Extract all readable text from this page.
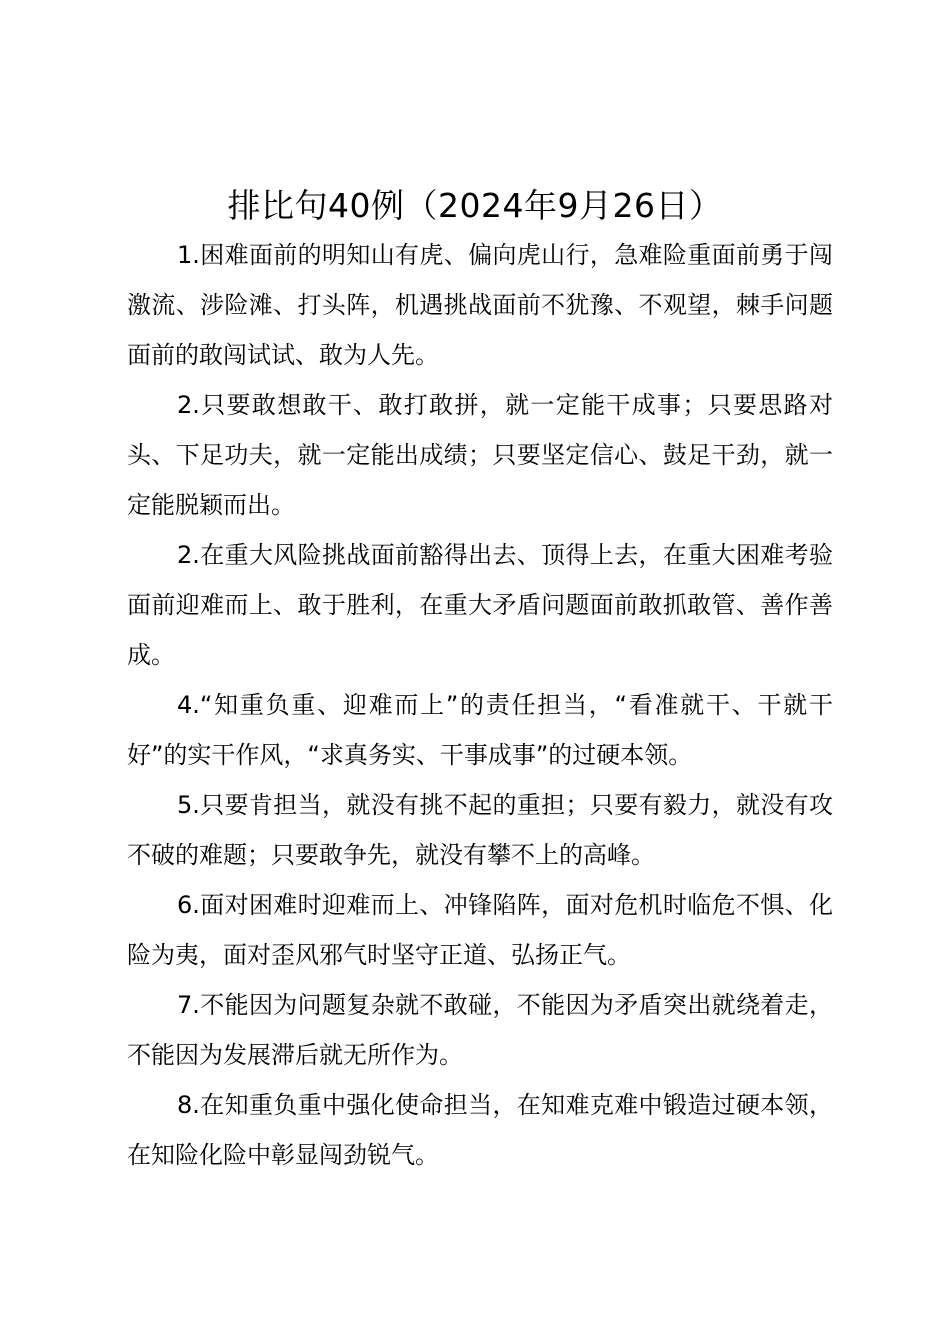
排比句40例（2024年9月26日）

1.困难面前的明知山有虎、偏向虎山行，急难险重面前勇于闯激流、涉险滩、打头阵，机遇挑战面前不犹豫、不观望，棘手问题面前的敢闯试试、敢为人先。

2.只要敢想敢干、敢打敢拼，就一定能干成事；只要思路对头、下足功夫，就一定能出成绩；只要坚定信心、鼓足干劲，就一定能脱颖而出。

2.在重大风险挑战面前豁得出去、顶得上去，在重大困难考验面前迎难而上、敢于胜利，在重大矛盾问题面前敢抓敢管、善作善成。

4.“知重负重、迎难而上”的责任担当，“看准就干、干就干好”的实干作风，“求真务实、干事成事”的过硬本领。

5.只要肯担当，就没有挑不起的重担；只要有毅力，就没有攻不破的难题；只要敢争先，就没有攀不上的高峰。

6.面对困难时迎难而上、冲锋陷阵，面对危机时临危不惧、化险为夷，面对歪风邪气时坚守正道、弘扬正气。

7.不能因为问题复杂就不敢碰，不能因为矛盾突出就绕着走，不能因为发展滞后就无所作为。

8.在知重负重中强化使命担当，在知难克难中锻造过硬本领，在知险化险中彰显闯劲锐气。
